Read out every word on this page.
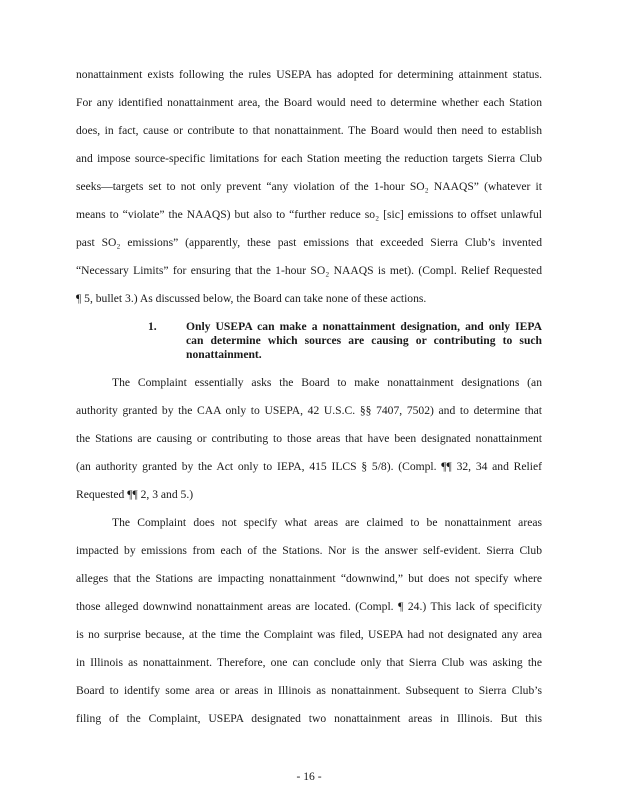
nonattainment exists following the rules USEPA has adopted for determining attainment status.
For any identified nonattainment area, the Board would need to determine whether each Station
does, in fact, cause or contribute to that nonattainment. The Board would then need to establish
and impose source-specific limitations for each Station meeting the reduction targets Sierra Club
seeks—targets set to not only prevent “any violation of the 1-hour SO₂ NAAQS” (whatever it
means to “violate” the NAAQS) but also to “further reduce so₂ [sic] emissions to offset unlawful
past SO₂ emissions” (apparently, these past emissions that exceeded Sierra Club’s invented
“Necessary Limits” for ensuring that the 1-hour SO₂ NAAQS is met). (Compl. Relief Requested
¶ 5, bullet 3.) As discussed below, the Board can take none of these actions.
1.	Only USEPA can make a nonattainment designation, and only IEPA
can determine which sources are causing or contributing to such
nonattainment.
The Complaint essentially asks the Board to make nonattainment designations (an
authority granted by the CAA only to USEPA, 42 U.S.C. §§ 7407, 7502) and to determine that
the Stations are causing or contributing to those areas that have been designated nonattainment
(an authority granted by the Act only to IEPA, 415 ILCS § 5/8). (Compl. ¶¶ 32, 34 and Relief
Requested ¶¶ 2, 3 and 5.)
The Complaint does not specify what areas are claimed to be nonattainment areas
impacted by emissions from each of the Stations. Nor is the answer self-evident. Sierra Club
alleges that the Stations are impacting nonattainment “downwind,” but does not specify where
those alleged downwind nonattainment areas are located. (Compl. ¶ 24.) This lack of specificity
is no surprise because, at the time the Complaint was filed, USEPA had not designated any area
in Illinois as nonattainment. Therefore, one can conclude only that Sierra Club was asking the
Board to identify some area or areas in Illinois as nonattainment. Subsequent to Sierra Club’s
filing of the Complaint, USEPA designated two nonattainment areas in Illinois. But this
- 16 -
